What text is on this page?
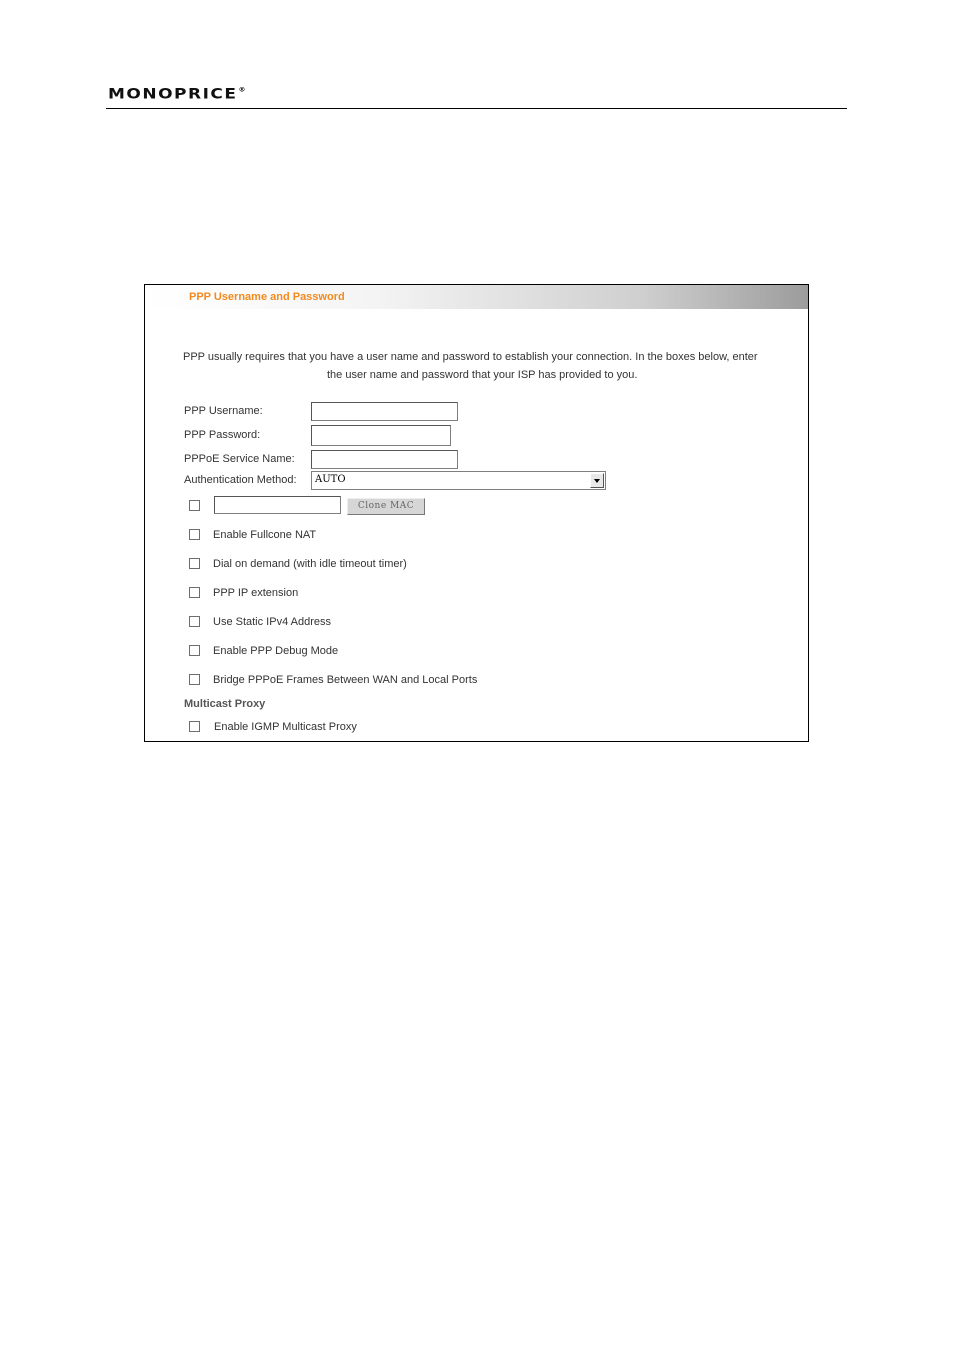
MONOPRICE®
PPP Username and Password
PPP usually requires that you have a user name and password to establish your connection. In the boxes below, enter
the user name and password that your ISP has provided to you.
PPP Username:
PPP Password:
PPPoE Service Name:
Authentication Method: AUTO
Clone MAC
Enable Fullcone NAT
Dial on demand (with idle timeout timer)
PPP IP extension
Use Static IPv4 Address
Enable PPP Debug Mode
Bridge PPPoE Frames Between WAN and Local Ports
Multicast Proxy
Enable IGMP Multicast Proxy
